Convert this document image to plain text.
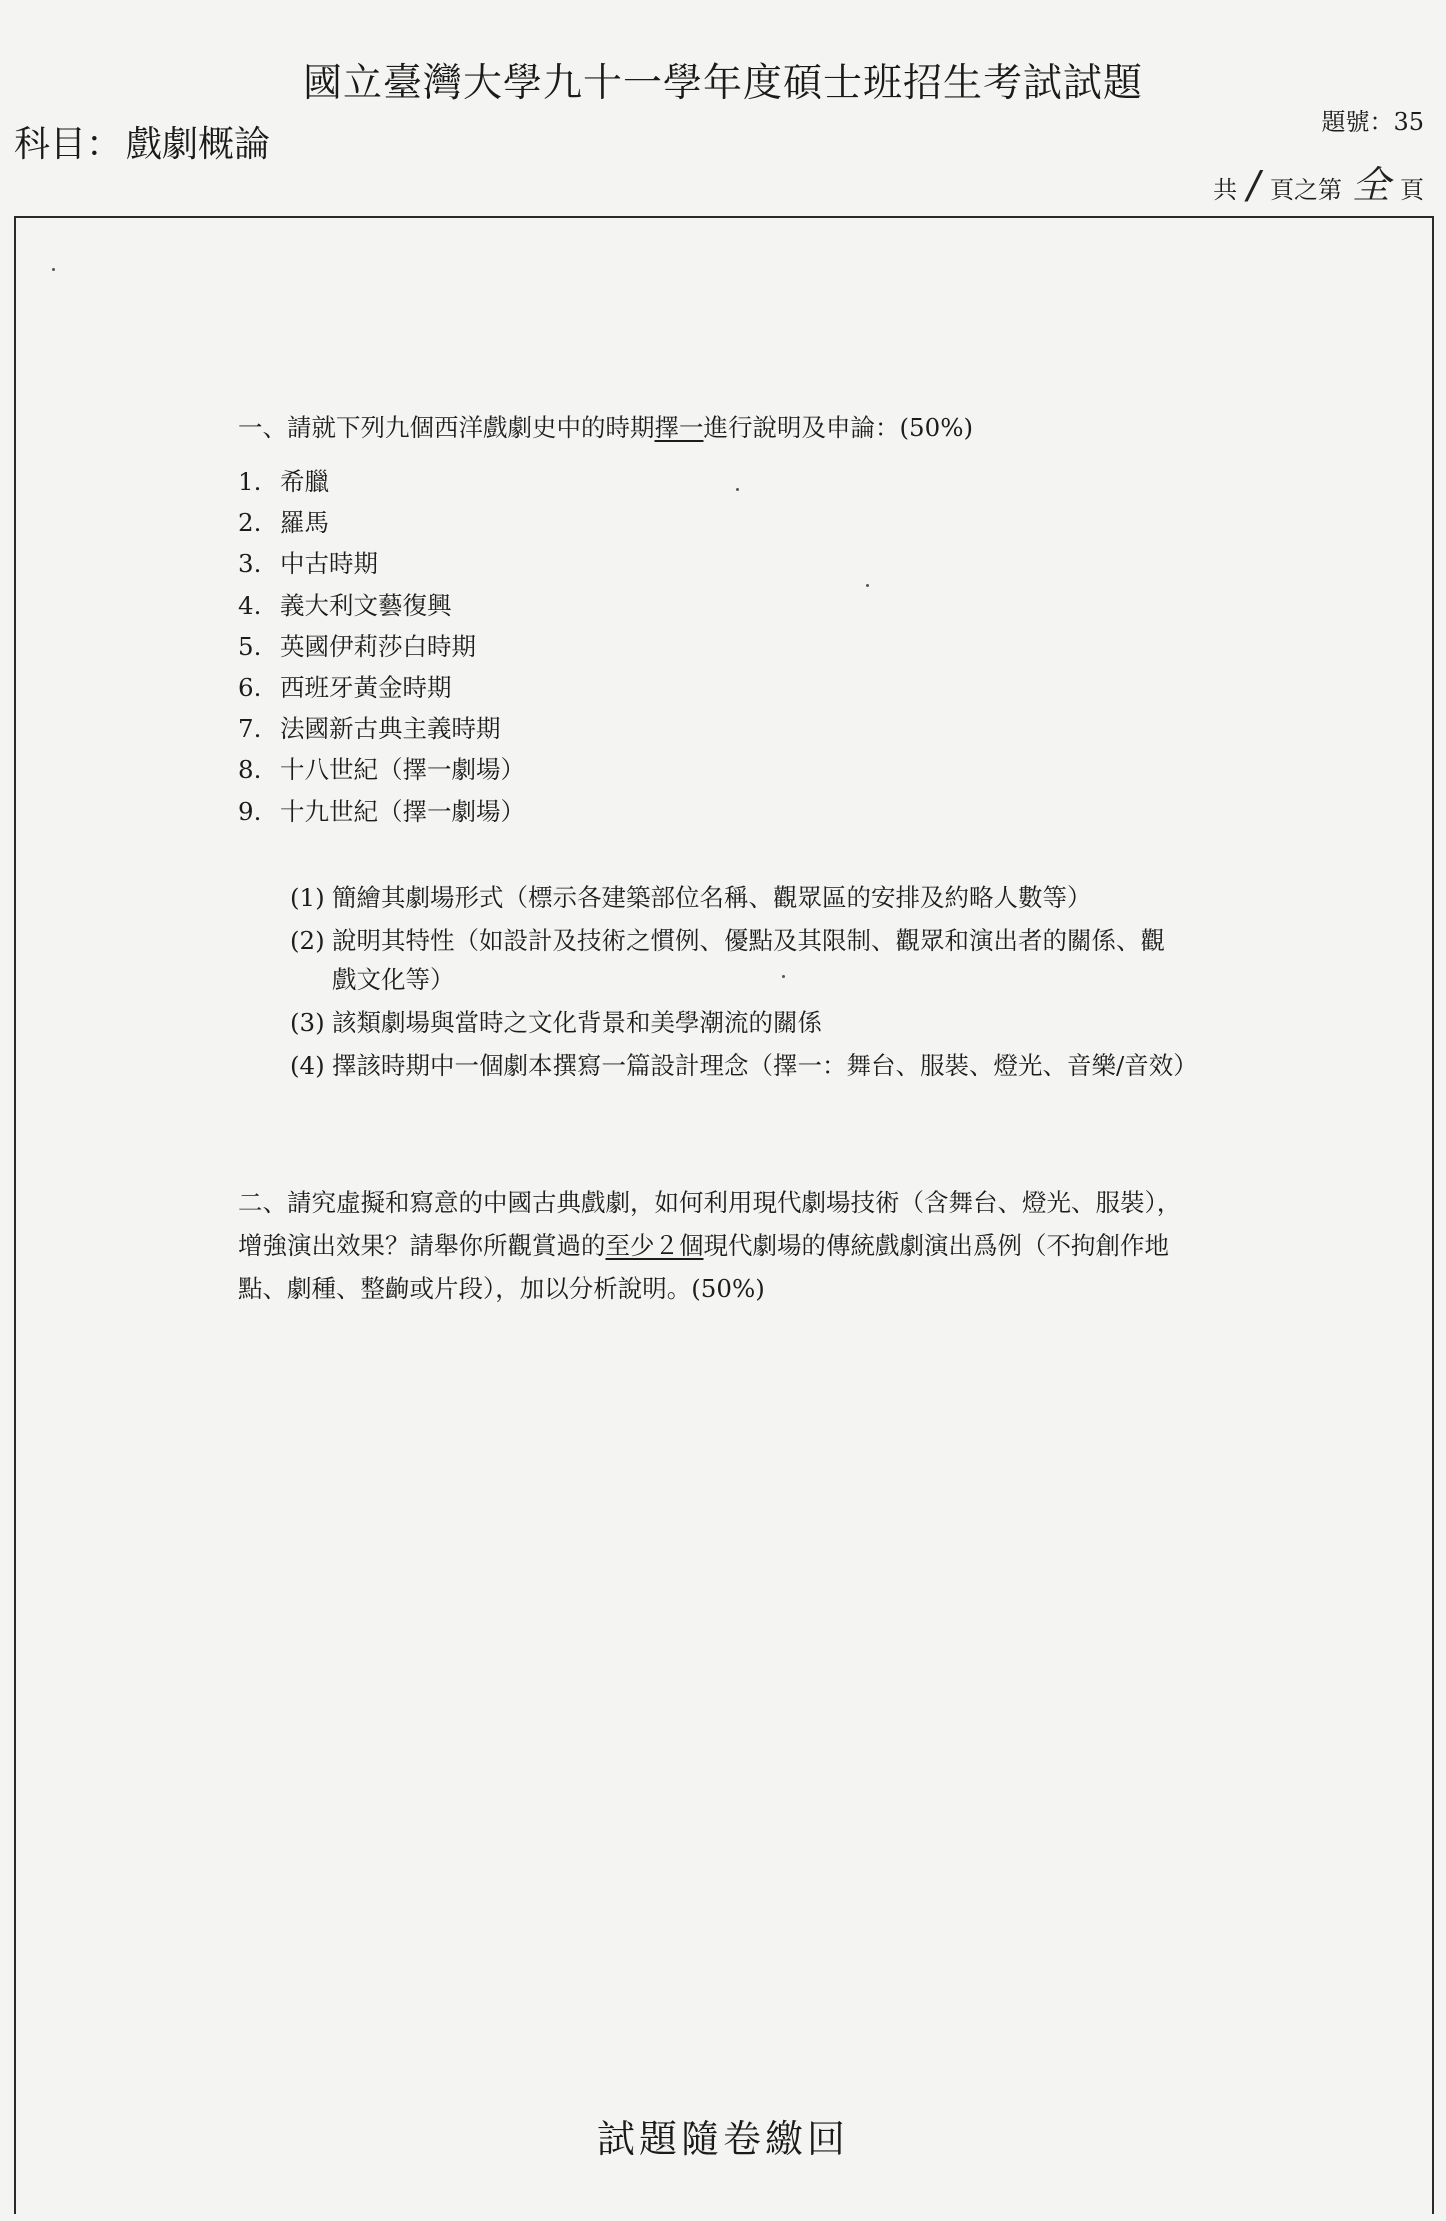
國立臺灣大學九十一學年度碩士班招生考試試題
科目： 戲劇概論
題號：35
共 / 頁之第 全 頁
一、請就下列九個西洋戲劇史中的時期擇一進行說明及申論：(50%)
1. 希臘
2. 羅馬
3. 中古時期
4. 義大利文藝復興
5. 英國伊莉莎白時期
6. 西班牙黃金時期
7. 法國新古典主義時期
8. 十八世紀（擇一劇場）
9. 十九世紀（擇一劇場）
(1) 簡繪其劇場形式（標示各建築部位名稱、觀眾區的安排及約略人數等）
(2) 說明其特性（如設計及技術之慣例、優點及其限制、觀眾和演出者的關係、觀戲文化等）
(3) 該類劇場與當時之文化背景和美學潮流的關係
(4) 擇該時期中一個劇本撰寫一篇設計理念（擇一：舞台、服裝、燈光、音樂/音效）
二、請究虛擬和寫意的中國古典戲劇，如何利用現代劇場技術（含舞台、燈光、服裝），增強演出效果？請舉你所觀賞過的至少２個現代劇場的傳統戲劇演出爲例（不拘創作地點、劇種、整齣或片段），加以分析說明。(50%)
試題隨卷繳回
